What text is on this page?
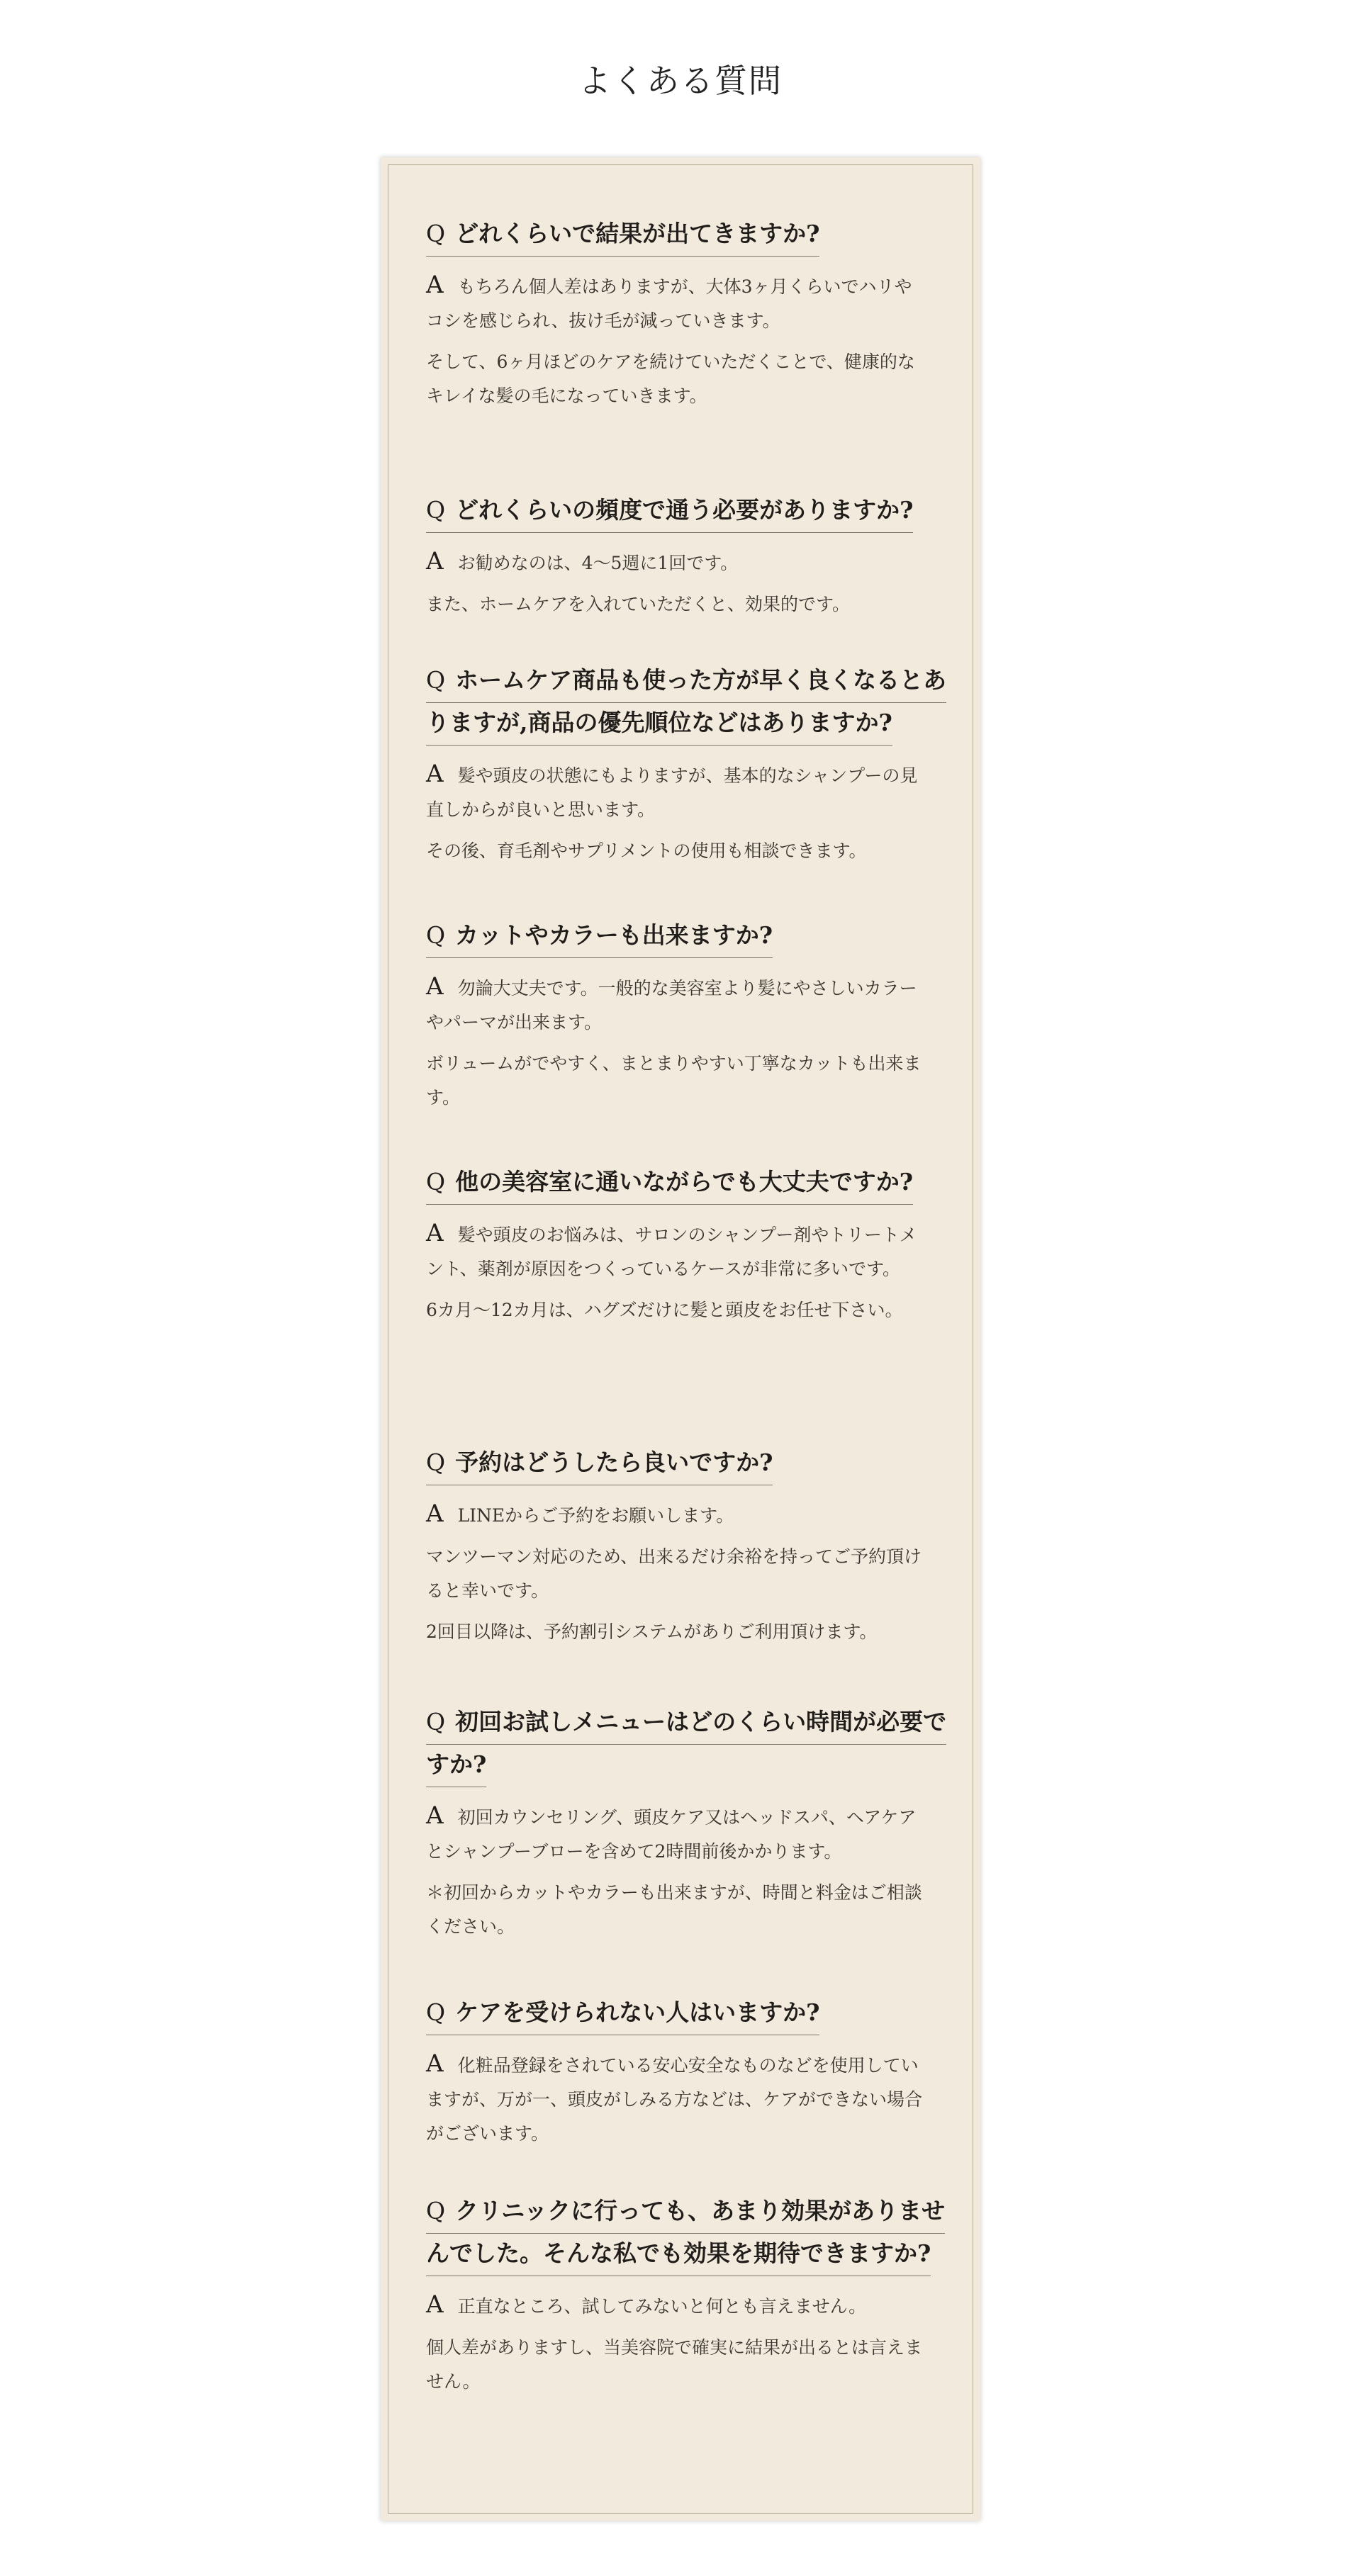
よくある質問

Q どれくらいで結果が出てきますか?

A もちろん個人差はありますが、大体3ヶ月くらいでハリやコシを感じられ、抜け毛が減っていきます。

そして、6ヶ月ほどのケアを続けていただくことで、健康的なキレイな髪の毛になっていきます。

Q どれくらいの頻度で通う必要がありますか?

A お勧めなのは、4〜5週に1回です。

また、ホームケアを入れていただくと、効果的です。

Q ホームケア商品も使った方が早く良くなるとありますが,商品の優先順位などはありますか?

A 髪や頭皮の状態にもよりますが、基本的なシャンプーの見直しからが良いと思います。

その後、育毛剤やサプリメントの使用も相談できます。

Q カットやカラーも出来ますか?

A 勿論大丈夫です。一般的な美容室より髪にやさしいカラーやパーマが出来ます。

ボリュームがでやすく、まとまりやすい丁寧なカットも出来ます。

Q 他の美容室に通いながらでも大丈夫ですか?

A 髪や頭皮のお悩みは、サロンのシャンプー剤やトリートメント、薬剤が原因をつくっているケースが非常に多いです。

6カ月〜12カ月は、ハグズだけに髪と頭皮をお任せ下さい。

Q 予約はどうしたら良いですか?

A LINEからご予約をお願いします。

マンツーマン対応のため、出来るだけ余裕を持ってご予約頂けると幸いです。

2回目以降は、予約割引システムがありご利用頂けます。

Q 初回お試しメニューはどのくらい時間が必要ですか?

A 初回カウンセリング、頭皮ケア又はヘッドスパ、ヘアケアとシャンプーブローを含めて2時間前後かかります。

＊初回からカットやカラーも出来ますが、時間と料金はご相談ください。

Q ケアを受けられない人はいますか?

A 化粧品登録をされている安心安全なものなどを使用していますが、万が一、頭皮がしみる方などは、ケアができない場合がございます。

Q クリニックに行っても、あまり効果がありませんでした。そんな私でも効果を期待できますか?

A 正直なところ、試してみないと何とも言えません。

個人差がありますし、当美容院で確実に結果が出るとは言えません。
